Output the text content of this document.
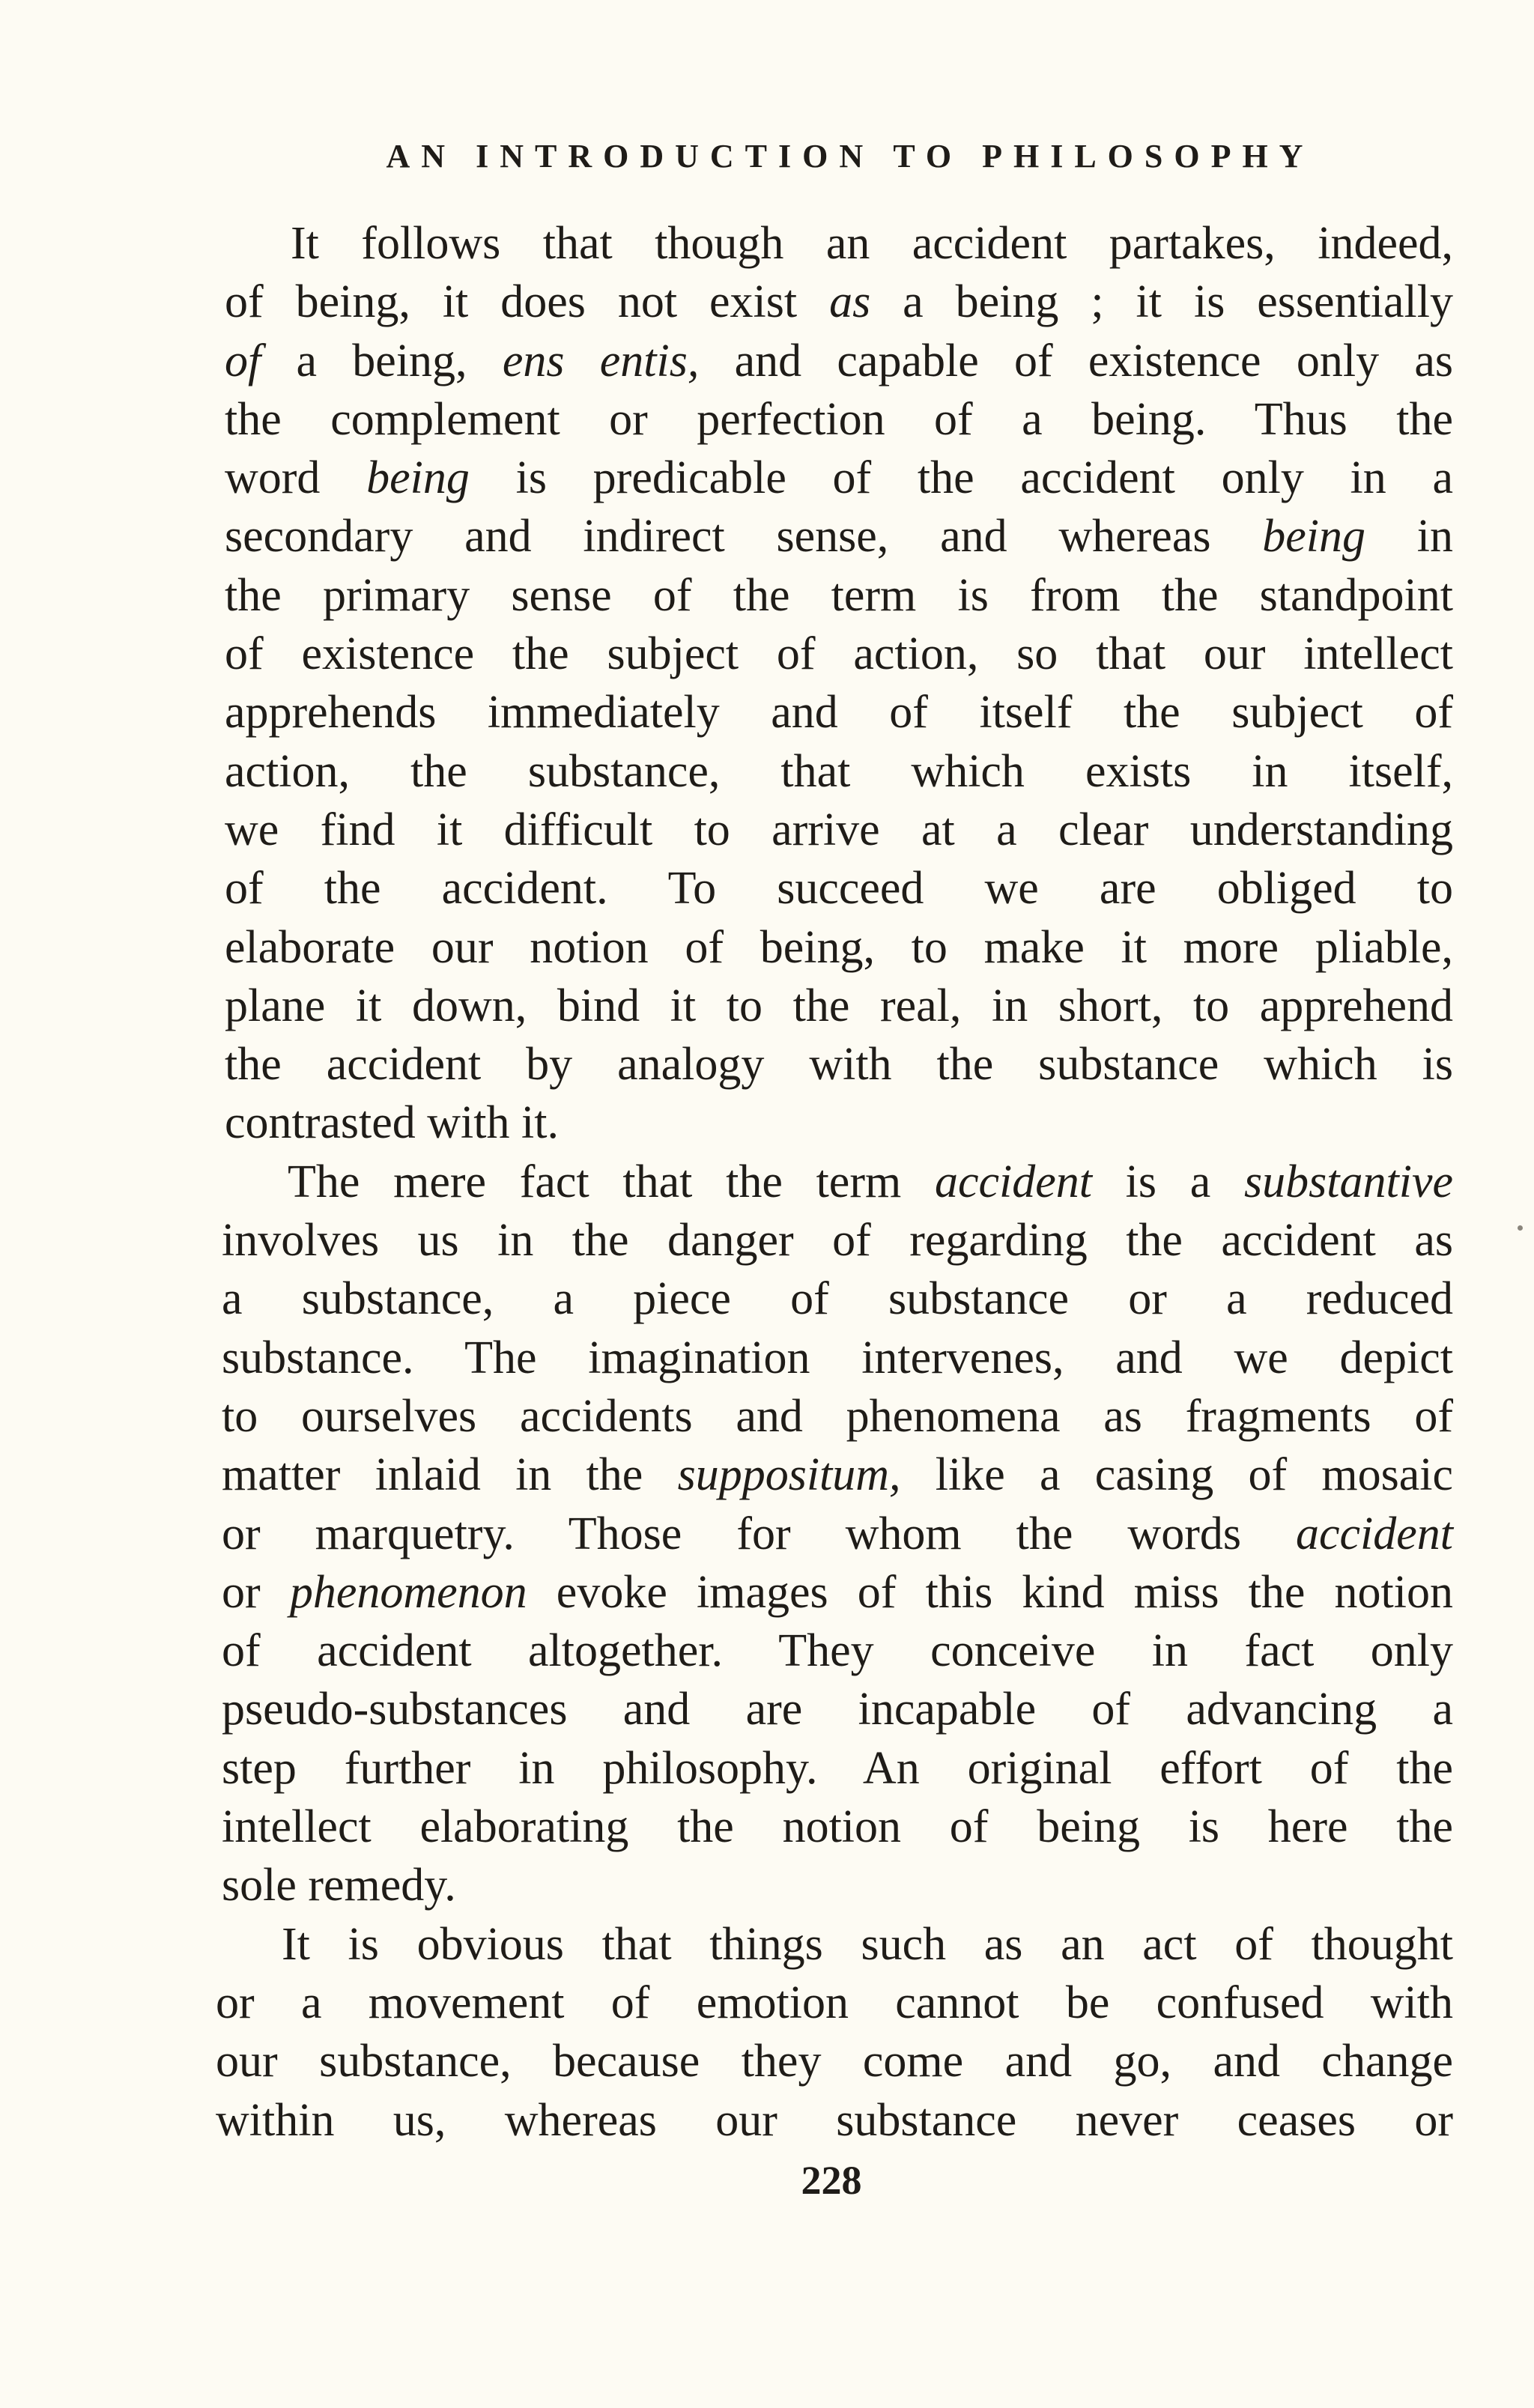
AN INTRODUCTION TO PHILOSOPHY
It follows that though an accident partakes, indeed,
of being, it does not exist as a being ; it is essentially
of a being, ens entis, and capable of existence only as
the complement or perfection of a being. Thus the
word being is predicable of the accident only in a
secondary and indirect sense, and whereas being in
the primary sense of the term is from the standpoint
of existence the subject of action, so that our intellect
apprehends immediately and of itself the subject of
action, the substance, that which exists in itself,
we find it difficult to arrive at a clear understanding
of the accident. To succeed we are obliged to
elaborate our notion of being, to make it more pliable,
plane it down, bind it to the real, in short, to apprehend
the accident by analogy with the substance which is
contrasted with it.
The mere fact that the term accident is a substantive
involves us in the danger of regarding the accident as
a substance, a piece of substance or a reduced
substance. The imagination intervenes, and we depict
to ourselves accidents and phenomena as fragments of
matter inlaid in the suppositum, like a casing of mosaic
or marquetry. Those for whom the words accident
or phenomenon evoke images of this kind miss the notion
of accident altogether. They conceive in fact only
pseudo-substances and are incapable of advancing a
step further in philosophy. An original effort of the
intellect elaborating the notion of being is here the
sole remedy.
It is obvious that things such as an act of thought
or a movement of emotion cannot be confused with
our substance, because they come and go, and change
within us, whereas our substance never ceases or
228
